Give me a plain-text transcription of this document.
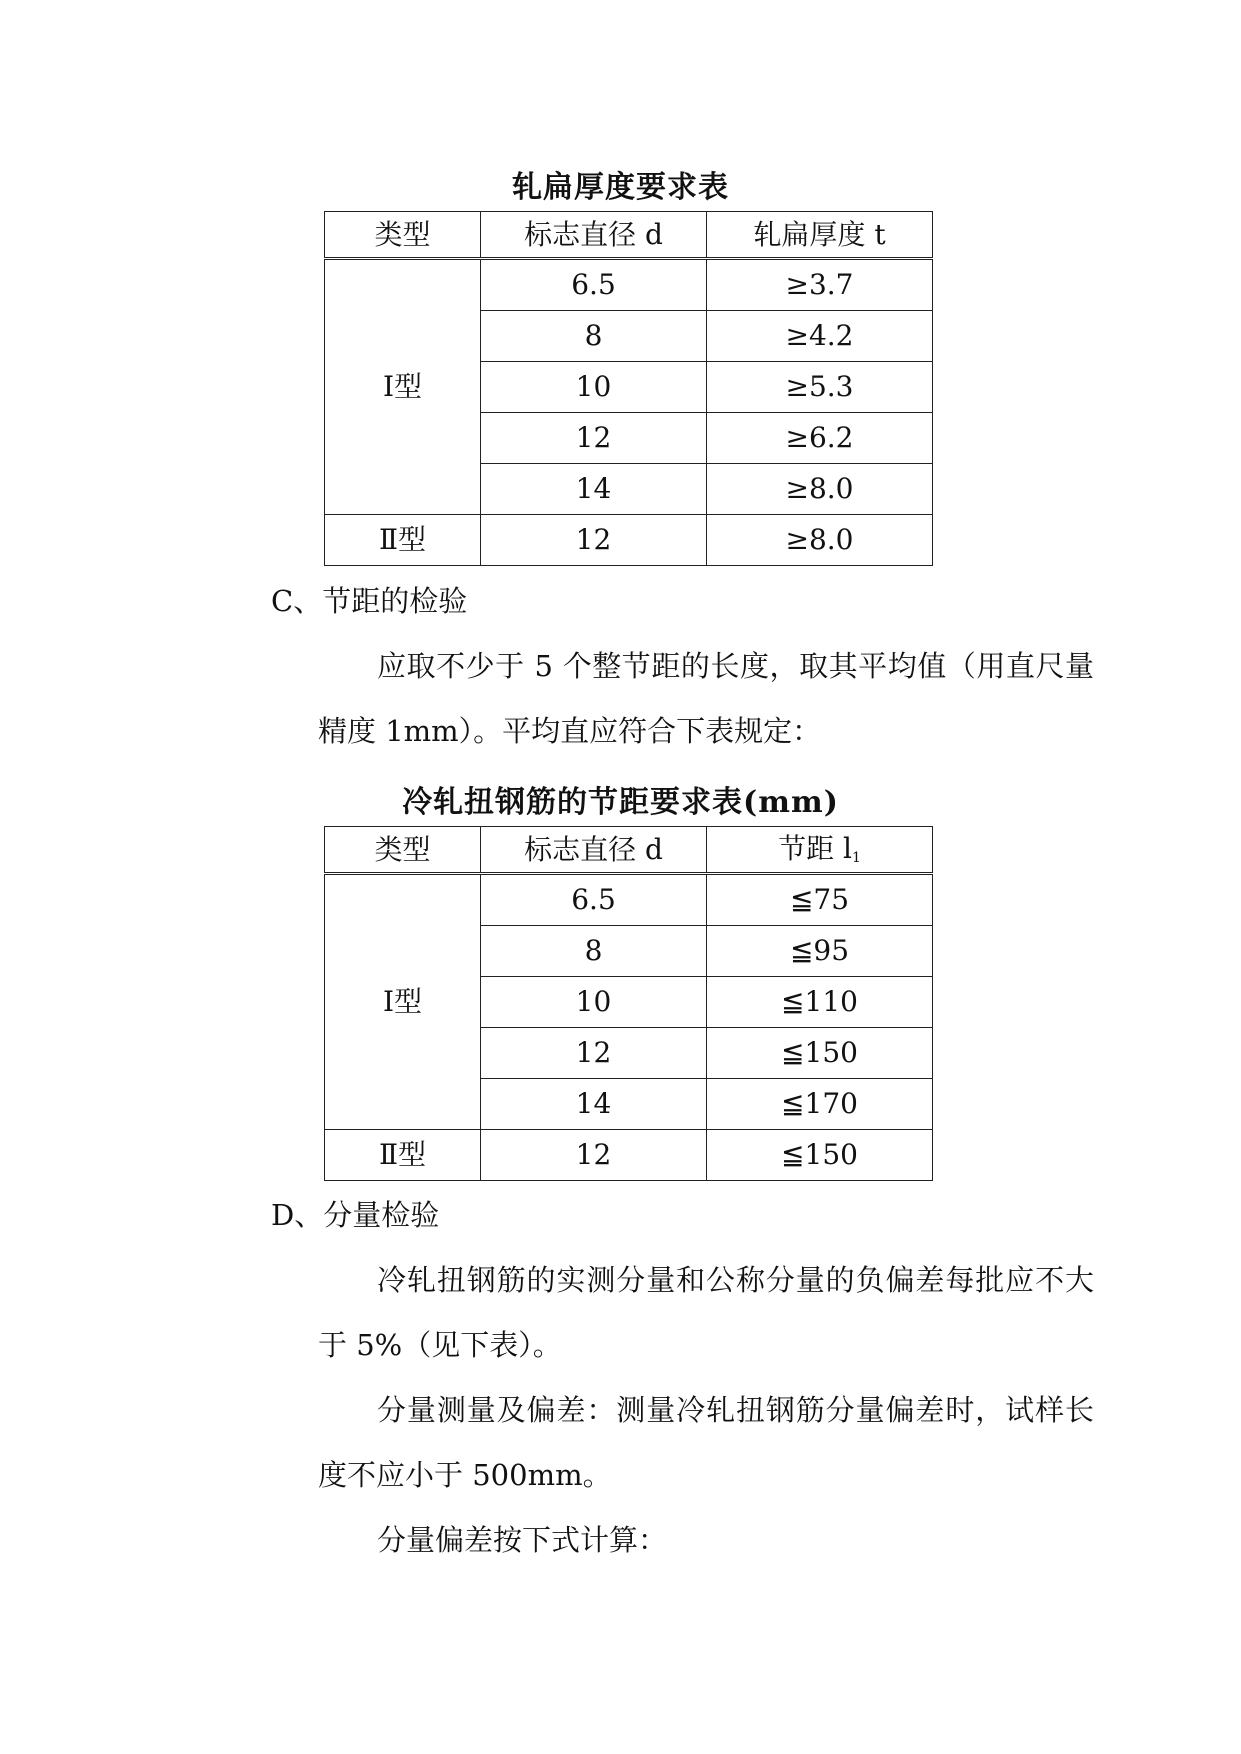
轧扁厚度要求表
类型	标志直径 d	轧扁厚度 t
Ⅰ型	6.5	≥3.7
	8	≥4.2
	10	≥5.3
	12	≥6.2
	14	≥8.0
Ⅱ型	12	≥8.0
C、节距的检验
应取不少于 5 个整节距的长度，取其平均值（用直尺量精度 1mm）。平均直应符合下表规定：
冷轧扭钢筋的节距要求表(mm)
类型	标志直径 d	节距 $l_1$
Ⅰ型	6.5	≦75
	8	≦95
	10	≦110
	12	≦150
	14	≦170
Ⅱ型	12	≦150
D、分量检验
冷轧扭钢筋的实测分量和公称分量的负偏差每批应不大于 5%（见下表）。
分量测量及偏差：测量冷轧扭钢筋分量偏差时，试样长度不应小于 500mm。
分量偏差按下式计算：
